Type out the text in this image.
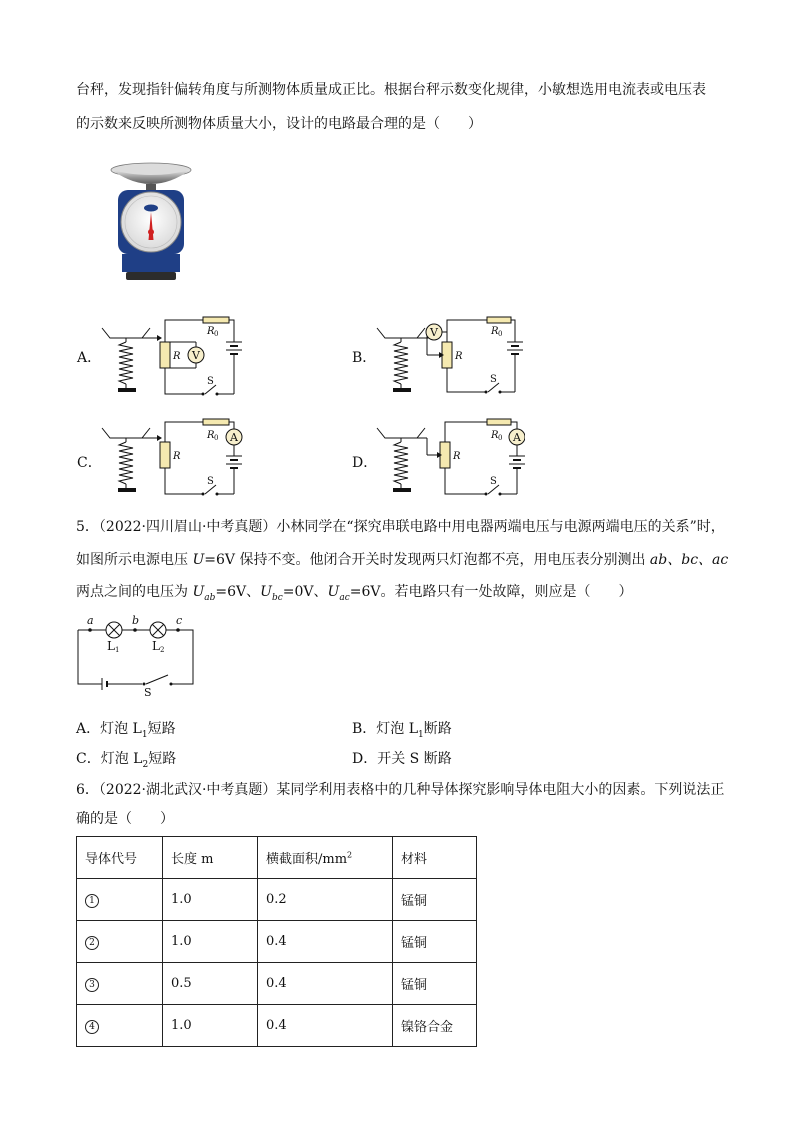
台秤，发现指针偏转角度与所测物体质量成正比。根据台秤示数变化规律，小敏想选用电流表或电压表
的示数来反映所测物体质量大小，设计的电路最合理的是（　　）
A．	V
R 0
R
S
B．
V	R 0
R
S
C．
A
R 0
R
S
D．
A
R 0
R
S
5．（2022·四川眉山·中考真题）小林同学在“探究串联电路中用电器两端电压与电源两端电压的关系”时，
如图所示电源电压 U=6V 保持不变。他闭合开关时发现两只灯泡都不亮，用电压表分别测出 ab、bc、ac
两点之间的电压为 $U_{ab}=6V$、$U_{bc}=0V$、$U_{ac}=6V$。若电路只有一处故障，则应是（　　）
a	b	c
L 1	L 2
S
A．灯泡 $L_1$短路	B．灯泡 $L_1$断路
C．灯泡 $L_2$短路	D．开关 S 断路
6．（2022·湖北武汉·中考真题）某同学利用表格中的几种导体探究影响导体电阻大小的因素。下列说法正
确的是（　　）
导体代号	长度 m	横截面积$/mm^2$	材料
1	1.0	0.2	锰铜
2	1.0	0.4	锰铜
3	0.5	0.4	锰铜
4	1.0	0.4	镍铬合金
